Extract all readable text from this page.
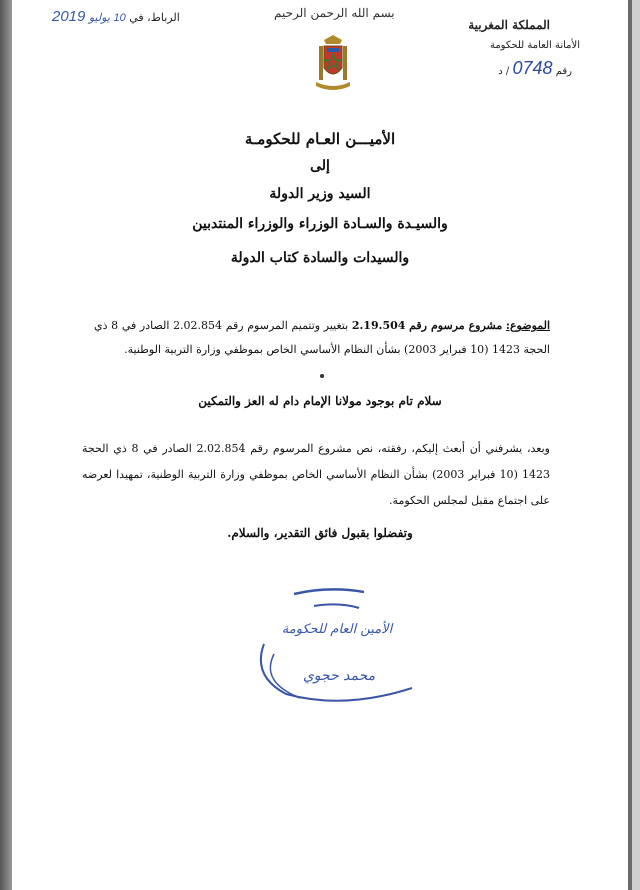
المملكة المغربية
الأمانة العامة للحكومة
رقم 0748 / د
بسم الله الرحمن الرحيم
الرباط، في 10 يوليو 2019
الأميـــن العـام للحكومـة
إلى
السيد وزير الدولة
والسيـدة والسـادة الوزراء والوزراء المنتدبين
والسيدات والسادة كتاب الدولة
الموضوع: مشروع مرسوم رقم 2.19.504 بتغيير وتتميم المرسوم رقم 2.02.854 الصادر في 8 ذي الحجة 1423 (10 فبراير 2003) بشأن النظام الأساسي الخاص بموظفي وزارة التربية الوطنية.
سلام تام بوجود مولانا الإمام دام له العز والتمكين
وبعد، يشرفني أن أبعث إليكم، رفقته، نص مشروع المرسوم رقم 2.02.854 الصادر في 8 ذي الحجة 1423 (10 فبراير 2003) بشأن النظام الأساسي الخاص بموظفي وزارة التربية الوطنية، تمهيدا لعرضه على اجتماع مقبل لمجلس الحكومة.
وتفضلوا بقبول فائق التقدير، والسلام.
الأمين العام للحكومة
محمد حجوي
